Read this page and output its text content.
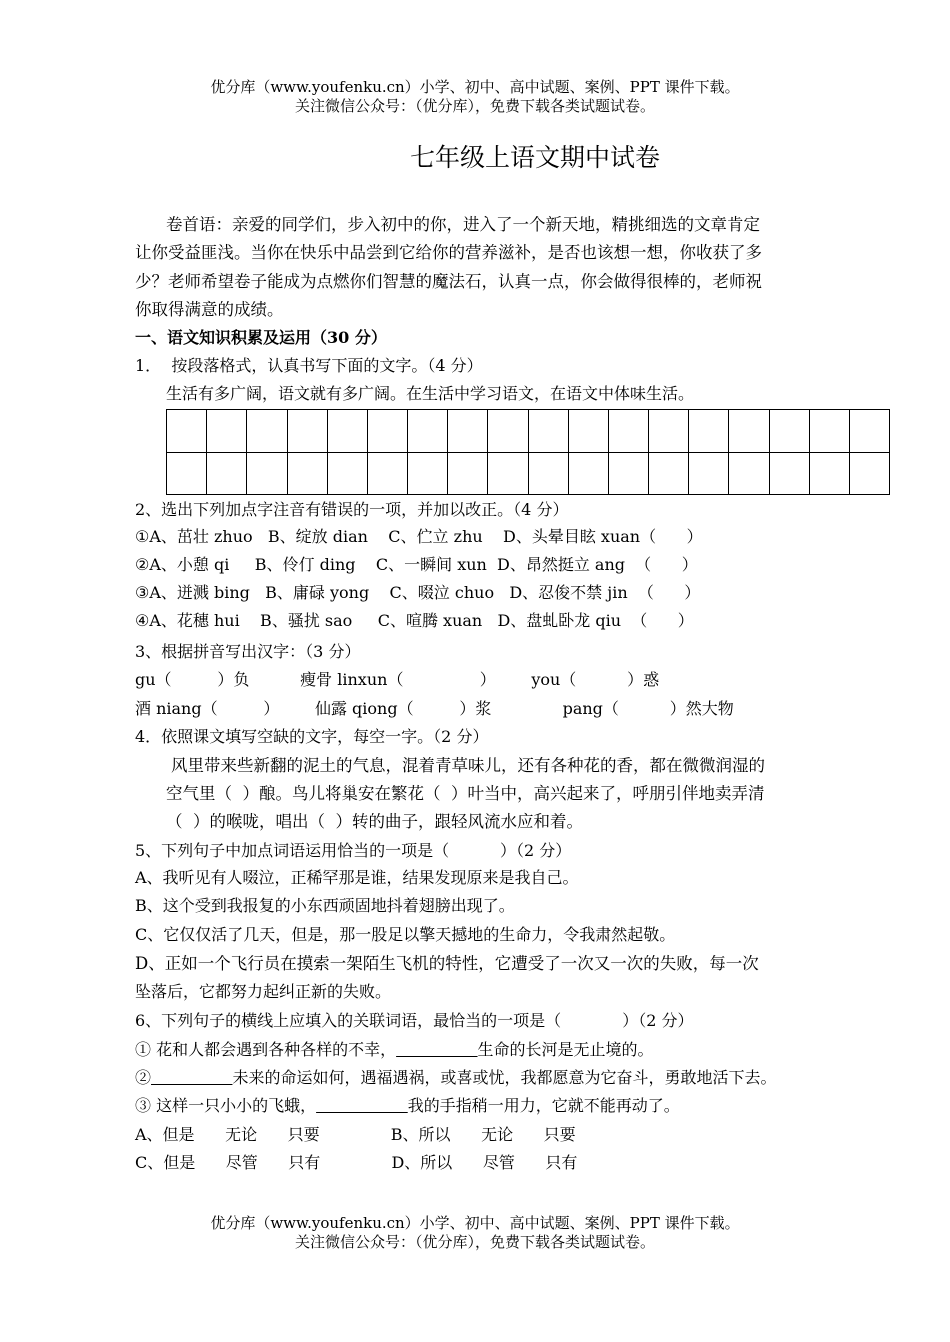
优分库（www.youfenku.cn）小学、初中、高中试题、案例、PPT 课件下载。
关注微信公众号：（优分库），免费下载各类试题试卷。
七年级上语文期中试卷
卷首语：亲爱的同学们，步入初中的你，进入了一个新天地，精挑细选的文章肯定
让你受益匪浅。当你在快乐中品尝到它给你的营养滋补，是否也该想一想，你收获了多
少？老师希望卷子能成为点燃你们智慧的魔法石，认真一点，你会做得很棒的，老师祝
你取得满意的成绩。
一、语文知识积累及运用（30 分）
1．  按段落格式，认真书写下面的文字。（4 分）
生活有多广阔，语文就有多广阔。在生活中学习语文，在语文中体味生活。
2、选出下列加点字注音有错误的一项，并加以改正。（4 分）
①A、茁壮 zhuo   B、绽放 dian    C、伫立 zhu    D、头晕目眩 xuan（      ）
②A、小憩 qi     B、伶仃 ding    C、一瞬间 xun  D、昂然挺立 ang  （      ）
③A、迸溅 bing   B、庸碌 yong    C、啜泣 chuo   D、忍俊不禁 jin  （      ）
④A、花穗 hui    B、骚扰 sao     C、喧腾 xuan   D、盘虬卧龙 qiu  （      ）
3、根据拼音写出汉字：（3 分）
gu（         ）负          瘦骨 linxun（               ）       you（          ）惑
酒 niang（         ）       仙露 qiong（         ）浆              pang（          ）然大物
4．依照课文填写空缺的文字，每空一字。（2 分）
风里带来些新翻的泥土的气息，混着青草味儿，还有各种花的香，都在微微润湿的
空气里（  ）酿。鸟儿将巢安在繁花（  ）叶当中，高兴起来了，呼朋引伴地卖弄清
（  ）的喉咙，唱出（  ）转的曲子，跟轻风流水应和着。
5、下列句子中加点词语运用恰当的一项是（          ）（2 分）
A、我听见有人啜泣，正稀罕那是谁，结果发现原来是我自己。
B、这个受到我报复的小东西顽固地抖着翅膀出现了。
C、它仅仅活了几天，但是，那一股足以擎天撼地的生命力，令我肃然起敬。
D、正如一个飞行员在摸索一架陌生飞机的特性，它遭受了一次又一次的失败，每一次
坠落后，它都努力起纠正新的失败。
6、下列句子的横线上应填入的关联词语，最恰当的一项是（            ）（2 分）
① 花和人都会遇到各种各样的不幸，        	生命的长河是无止境的。
②        	未来的命运如何，遇福遇祸，或喜或忧，我都愿意为它奋斗，勇敢地活下去。
③ 这样一只小小的飞蛾，         	我的手指稍一用力，它就不能再动了。
A、但是      无论      只要              B、所以      无论      只要
C、但是      尽管      只有              D、所以      尽管      只有
优分库（www.youfenku.cn）小学、初中、高中试题、案例、PPT 课件下载。
关注微信公众号：（优分库），免费下载各类试题试卷。
